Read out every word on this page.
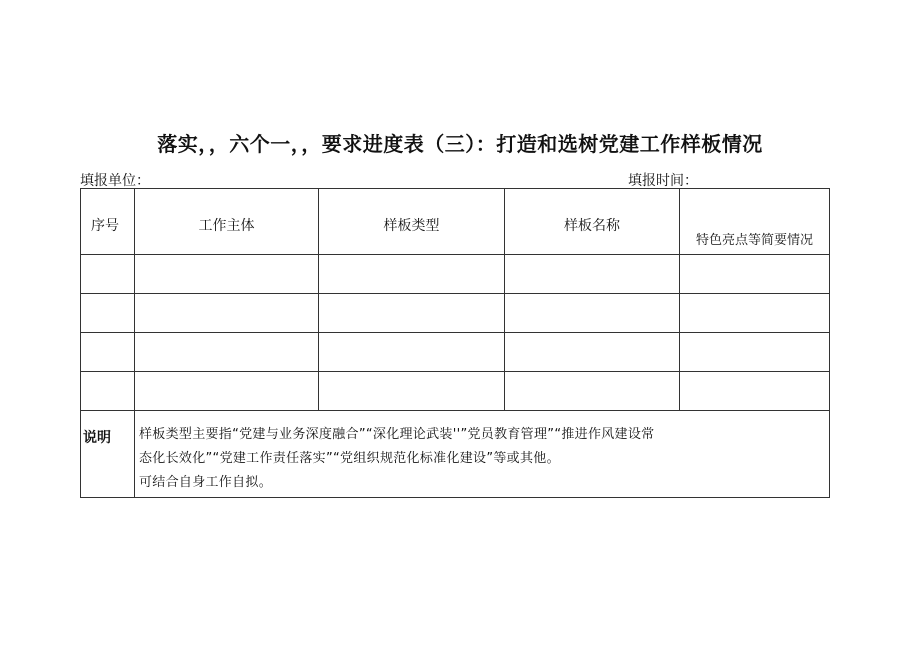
落实，，六个一，，要求进度表（三）：打造和选树党建工作样板情况
填报单位：	填报时间：
序号	工作主体	样板类型	样板名称	特色亮点等简要情况

说明	样板类型主要指“党建与业务深度融合”“深化理论武装''”党员教育管理”“推进作风建设常
态化长效化”“党建工作责任落实”“党组织规范化标准化建设”等或其他。
可结合自身工作自拟。			
